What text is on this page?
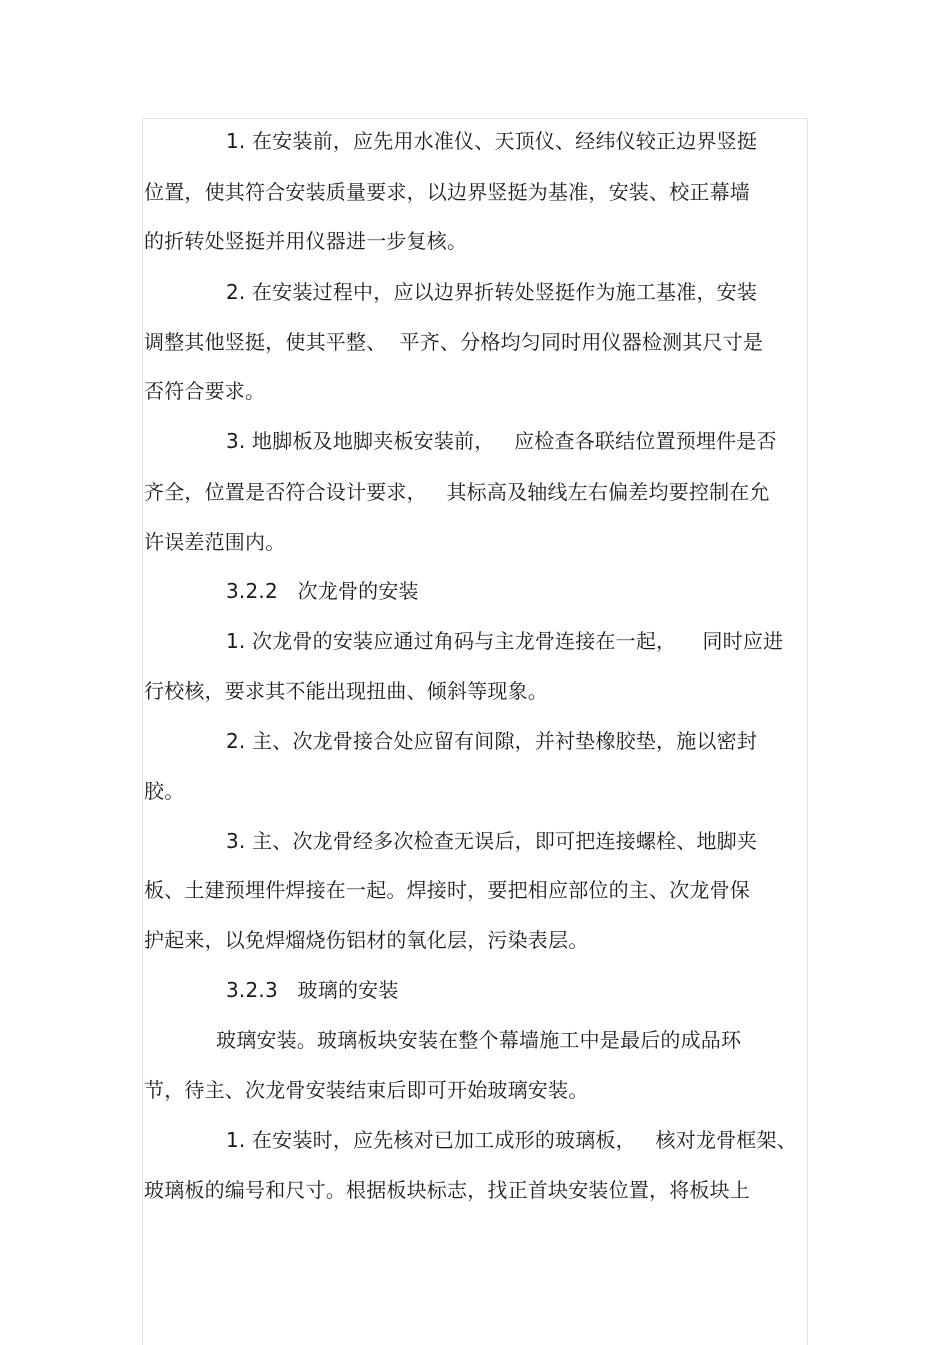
1. 在安装前，应先用水准仪、天顶仪、经纬仪较正边界竖挺
位置，使其符合安装质量要求，以边界竖挺为基准，安装、校正幕墙
的折转处竖挺并用仪器进一步复核。
2. 在安装过程中，应以边界折转处竖挺作为施工基准，安装
调整其他竖挺，使其平整、  平齐、分格均匀同时用仪器检测其尺寸是
否符合要求。
3. 地脚板及地脚夹板安装前，   应检查各联结位置预埋件是否
齐全，位置是否符合设计要求，   其标高及轴线左右偏差均要控制在允
许误差范围内。
3.2.2   次龙骨的安装
1. 次龙骨的安装应通过角码与主龙骨连接在一起，    同时应进
行校核，要求其不能出现扭曲、倾斜等现象。
2. 主、次龙骨接合处应留有间隙，并衬垫橡胶垫，施以密封
胶。
3. 主、次龙骨经多次检查无误后，即可把连接螺栓、地脚夹
板、土建预埋件焊接在一起。焊接时，要把相应部位的主、次龙骨保
护起来，以免焊熘烧伤铝材的氧化层，污染表层。
3.2.3   玻璃的安装
玻璃安装。玻璃板块安装在整个幕墙施工中是最后的成品环
节，待主、次龙骨安装结束后即可开始玻璃安装。
1. 在安装时，应先核对已加工成形的玻璃板，   核对龙骨框架、
玻璃板的编号和尺寸。根据板块标志，找正首块安装位置，将板块上
